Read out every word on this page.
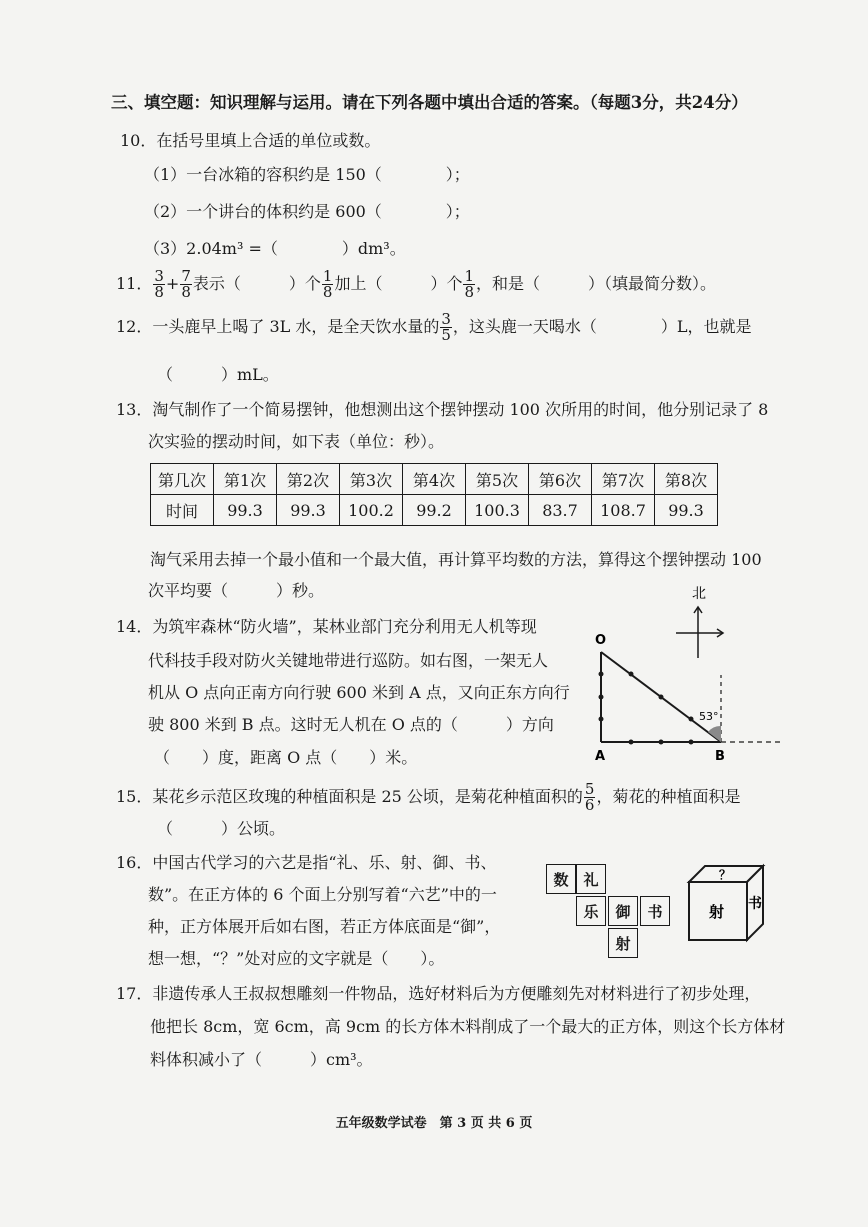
三、填空题：知识理解与运用。请在下列各题中填出合适的答案。（每题3分，共24分）
10．在括号里填上合适的单位或数。
（1）一台冰箱的容积约是 150（　　　　）；
（2）一个讲台的体积约是 600（　　　　）；
（3）2.04m³ =（　　　　）dm³。
11． $\frac{3}{8} + \frac{7}{8}$ 表示（　　　）个 $\frac{1}{8}$ 加上（　　　）个 $\frac{1}{8}$ ，和是（　　　）（填最简分数）。
12．一头鹿早上喝了 3L 水，是全天饮水量的 $\frac{3}{5}$ ，这头鹿一天喝水（　　　　）L，也就是
（　　　）mL。
13．淘气制作了一个简易摆钟，他想测出这个摆钟摆动 100 次所用的时间，他分别记录了 8
次实验的摆动时间，如下表（单位：秒）。
第几次	第1次	第2次	第3次	第4次	第5次	第6次	第7次	第8次
时间	99.3	99.3	100.2	99.2	100.3	83.7	108.7	99.3
淘气采用去掉一个最小值和一个最大值，再计算平均数的方法，算得这个摆钟摆动 100
次平均要（　　　）秒。
14．为筑牢森林“防火墙”，某林业部门充分利用无人机等现
代科技手段对防火关键地带进行巡防。如右图，一架无人
机从 O 点向正南方向行驶 600 米到 A 点，又向正东方向行
驶 800 米到 B 点。这时无人机在 O 点的（　　　）方向
（　　）度，距离 O 点（　　）米。
北
O
A	B
53°
15．某花乡示范区玫瑰的种植面积是 25 公顷，是菊花种植面积的 $\frac{5}{6}$ ，菊花的种植面积是
（　　　）公顷。
16．中国古代学习的六艺是指“礼、乐、射、御、书、
数”。在正方体的 6 个面上分别写着“六艺”中的一
种，正方体展开后如右图，若正方体底面是“御”，
想一想，“？”处对应的文字就是（　　）。
数 礼
乐	御	书
射
？
射 书
17．非遗传承人王叔叔想雕刻一件物品，选好材料后为方便雕刻先对材料进行了初步处理，
他把长 8cm，宽 6cm，高 9cm 的长方体木料削成了一个最大的正方体，则这个长方体材
料体积减小了（　　　）cm³。
五年级数学试卷　第 3 页 共 6 页
